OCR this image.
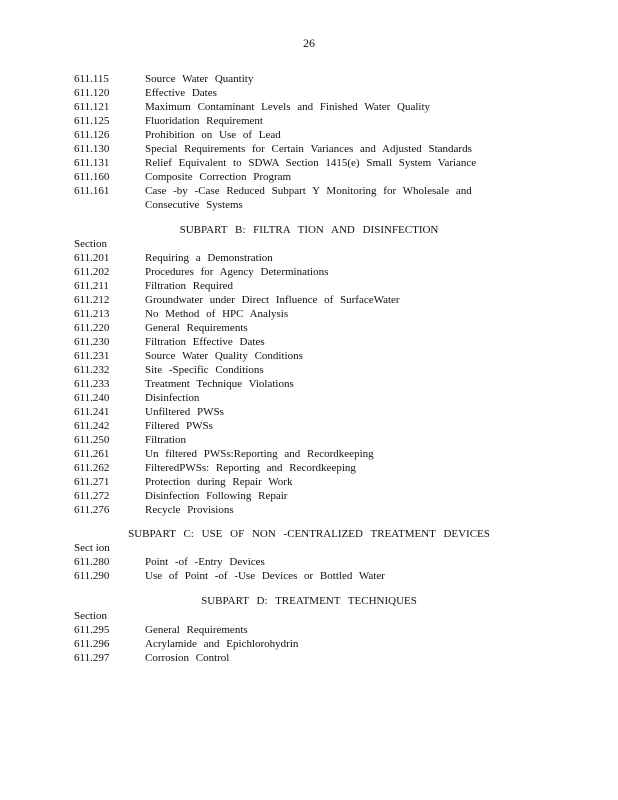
26
611.115	Source Water Quantity
611.120	Effective Dates
611.121	Maximum Contaminant Levels and Finished Water Quality
611.125	Fluoridation Requirement
611.126	Prohibition on Use of Lead
611.130	Special Requirements for Certain Variances and Adjusted Standards
611.131	Relief Equivalent to SDWA Section 1415(e) Small System Variance
611.160	Composite Correction Program
611.161	Case -by -Case Reduced Subpart Y Monitoring for Wholesale and Consecutive Systems
SUBPART B: FILTRA TION AND DISINFECTION
Section
611.201	Requiring a Demonstration
611.202	Procedures for Agency Determinations
611.211	Filtration Required
611.212	Groundwater under Direct Influence of SurfaceWater
611.213	No Method of HPC Analysis
611.220	General Requirements
611.230	Filtration Effective Dates
611.231	Source Water Quality Conditions
611.232	Site -Specific Conditions
611.233	Treatment Technique Violations
611.240	Disinfection
611.241	Unfiltered PWSs
611.242	Filtered PWSs
611.250	Filtration
611.261	Un filtered PWSs:Reporting and Recordkeeping
611.262	FilteredPWSs: Reporting and Recordkeeping
611.271	Protection during Repair Work
611.272	Disinfection Following Repair
611.276	Recycle Provisions
SUBPART C: USE OF NON -CENTRALIZED TREATMENT DEVICES
Sect ion
611.280	Point -of -Entry Devices
611.290	Use of Point -of -Use Devices or Bottled Water
SUBPART D: TREATMENT TECHNIQUES
Section
611.295	General Requirements
611.296	Acrylamide and Epichlorohydrin
611.297	Corrosion Control
